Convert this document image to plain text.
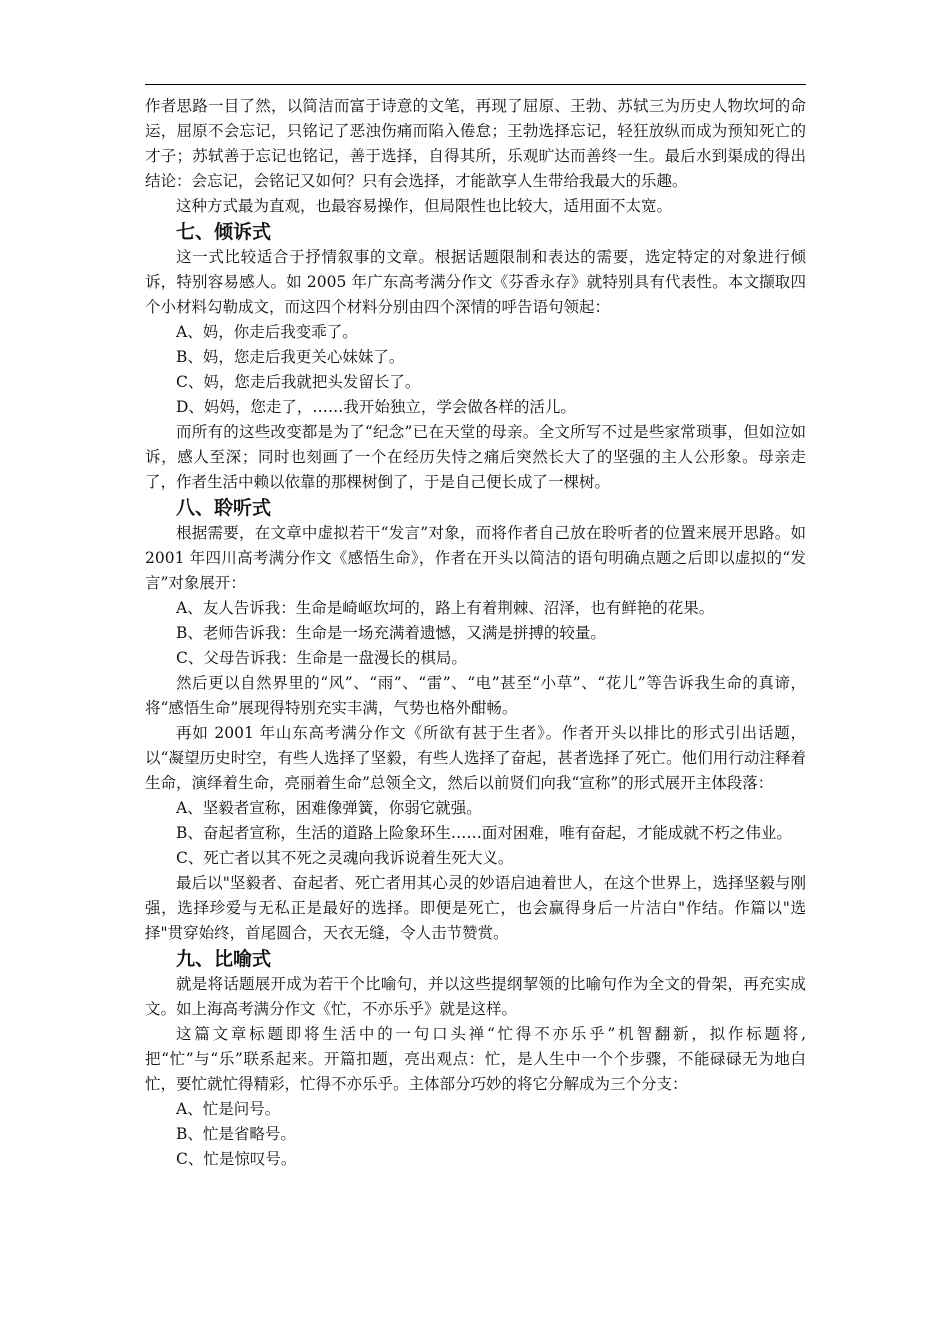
作者思路一目了然，以简洁而富于诗意的文笔，再现了屈原、王勃、苏轼三为历史人物坎坷的命运，屈原不会忘记，只铭记了恶浊伤痛而陷入倦怠；王勃选择忘记，轻狂放纵而成为预知死亡的才子；苏轼善于忘记也铭记，善于选择，自得其所，乐观旷达而善终一生。最后水到渠成的得出结论：会忘记，会铭记又如何？只有会选择，才能歆享人生带给我最大的乐趣。

这种方式最为直观，也最容易操作，但局限性也比较大，适用面不太宽。

七、倾诉式

这一式比较适合于抒情叙事的文章。根据话题限制和表达的需要，选定特定的对象进行倾诉，特别容易感人。如 2005 年广东高考满分作文《芬香永存》就特别具有代表性。本文撷取四个小材料勾勒成文，而这四个材料分别由四个深情的呼告语句领起：

A、妈，你走后我变乖了。

B、妈，您走后我更关心妹妹了。

C、妈，您走后我就把头发留长了。

D、妈妈，您走了，……我开始独立，学会做各样的活儿。

而所有的这些改变都是为了“纪念”已在天堂的母亲。全文所写不过是些家常琐事，但如泣如诉，感人至深；同时也刻画了一个在经历失恃之痛后突然长大了的坚强的主人公形象。母亲走了，作者生活中赖以依靠的那棵树倒了，于是自己便长成了一棵树。

八、聆听式

根据需要，在文章中虚拟若干“发言”对象，而将作者自己放在聆听者的位置来展开思路。如 2001 年四川高考满分作文《感悟生命》，作者在开头以简洁的语句明确点题之后即以虚拟的“发言”对象展开：

A、友人告诉我：生命是崎岖坎坷的，路上有着荆棘、沼泽，也有鲜艳的花果。

B、老师告诉我：生命是一场充满着遗憾，又满是拼搏的较量。

C、父母告诉我：生命是一盘漫长的棋局。

然后更以自然界里的“风”、“雨”、“雷”、“电”甚至“小草”、“花儿”等告诉我生命的真谛，将“感悟生命”展现得特别充实丰满，气势也格外酣畅。

再如 2001 年山东高考满分作文《所欲有甚于生者》。作者开头以排比的形式引出话题，以“凝望历史时空，有些人选择了坚毅，有些人选择了奋起，甚者选择了死亡。他们用行动注释着生命，演绎着生命，亮丽着生命”总领全文，然后以前贤们向我“宣称”的形式展开主体段落：

A、坚毅者宣称，困难像弹簧，你弱它就强。

B、奋起者宣称，生活的道路上险象环生……面对困难，唯有奋起，才能成就不朽之伟业。

C、死亡者以其不死之灵魂向我诉说着生死大义。

最后以"坚毅者、奋起者、死亡者用其心灵的妙语启迪着世人，在这个世界上，选择坚毅与刚强，选择珍爱与无私正是最好的选择。即便是死亡，也会赢得身后一片洁白"作结。作篇以"选择"贯穿始终，首尾圆合，天衣无缝，令人击节赞赏。

九、比喻式

就是将话题展开成为若干个比喻句，并以这些提纲挈领的比喻句作为全文的骨架，再充实成文。如上海高考满分作文《忙，不亦乐乎》就是这样。

这篇文章标题即将生活中的一句口头禅“忙得不亦乐乎”机智翻新，拟作标题将,把“忙”与“乐”联系起来。开篇扣题，亮出观点：忙，是人生中一个个步骤，不能碌碌无为地白忙，要忙就忙得精彩，忙得不亦乐乎。主体部分巧妙的将它分解成为三个分支：

A、忙是问号。

B、忙是省略号。

C、忙是惊叹号。
